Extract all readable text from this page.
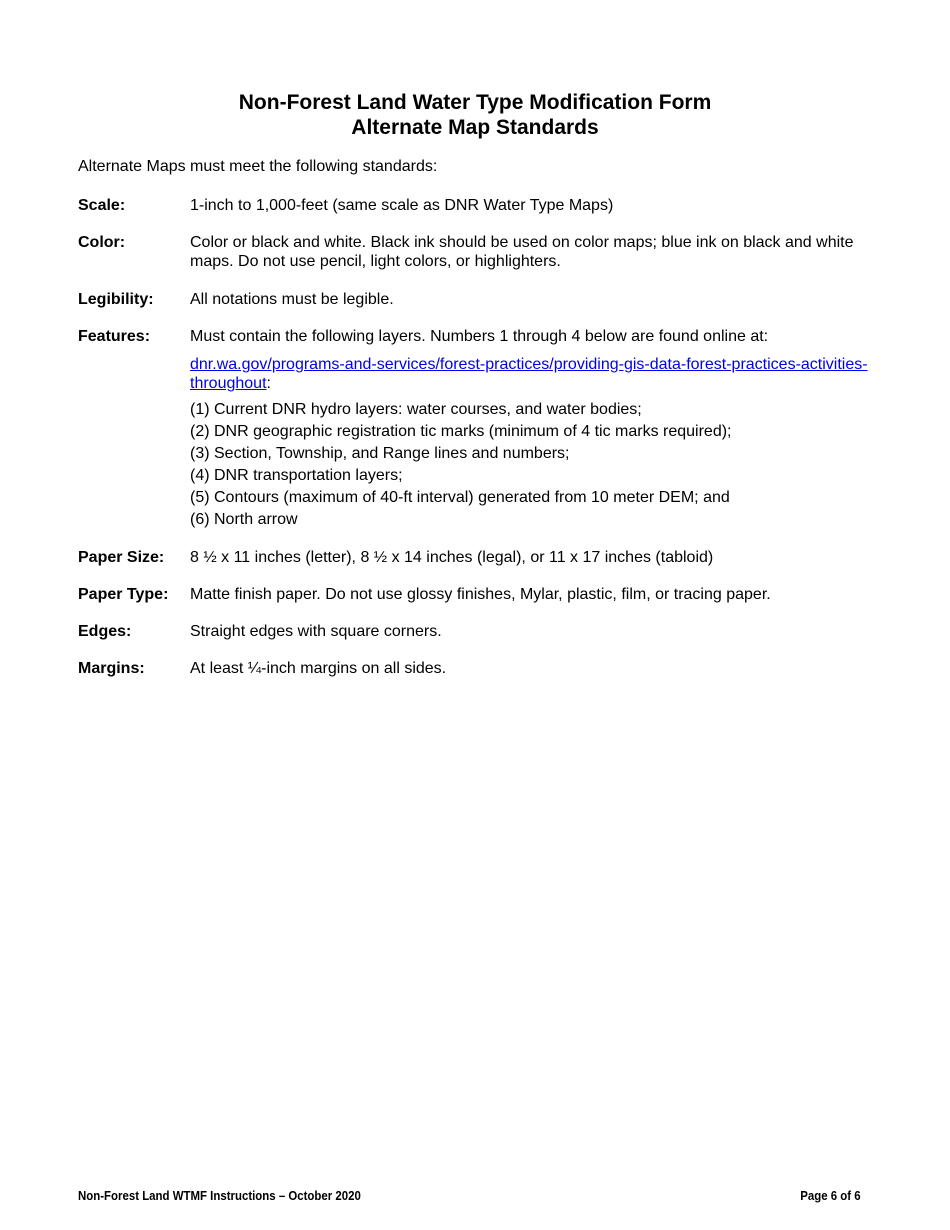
Non-Forest Land Water Type Modification Form
Alternate Map Standards
Alternate Maps must meet the following standards:
Scale:	1-inch to 1,000-feet (same scale as DNR Water Type Maps)
Color:	Color or black and white. Black ink should be used on color maps; blue ink on black and white maps. Do not use pencil, light colors, or highlighters.
Legibility:	All notations must be legible.
Features:	Must contain the following layers. Numbers 1 through 4 below are found online at:
dnr.wa.gov/programs-and-services/forest-practices/providing-gis-data-forest-practices-activities-throughout:
(1) Current DNR hydro layers: water courses, and water bodies;
(2) DNR geographic registration tic marks (minimum of 4 tic marks required);
(3) Section, Township, and Range lines and numbers;
(4) DNR transportation layers;
(5) Contours (maximum of 40-ft interval) generated from 10 meter DEM; and
(6) North arrow
Paper Size:	8 ½ x 11 inches (letter), 8 ½ x 14 inches (legal), or 11 x 17 inches (tabloid)
Paper Type:	Matte finish paper. Do not use glossy finishes, Mylar, plastic, film, or tracing paper.
Edges:	Straight edges with square corners.
Margins:	At least ¼-inch margins on all sides.
Non-Forest Land WTMF Instructions – October 2020	Page 6 of 6
